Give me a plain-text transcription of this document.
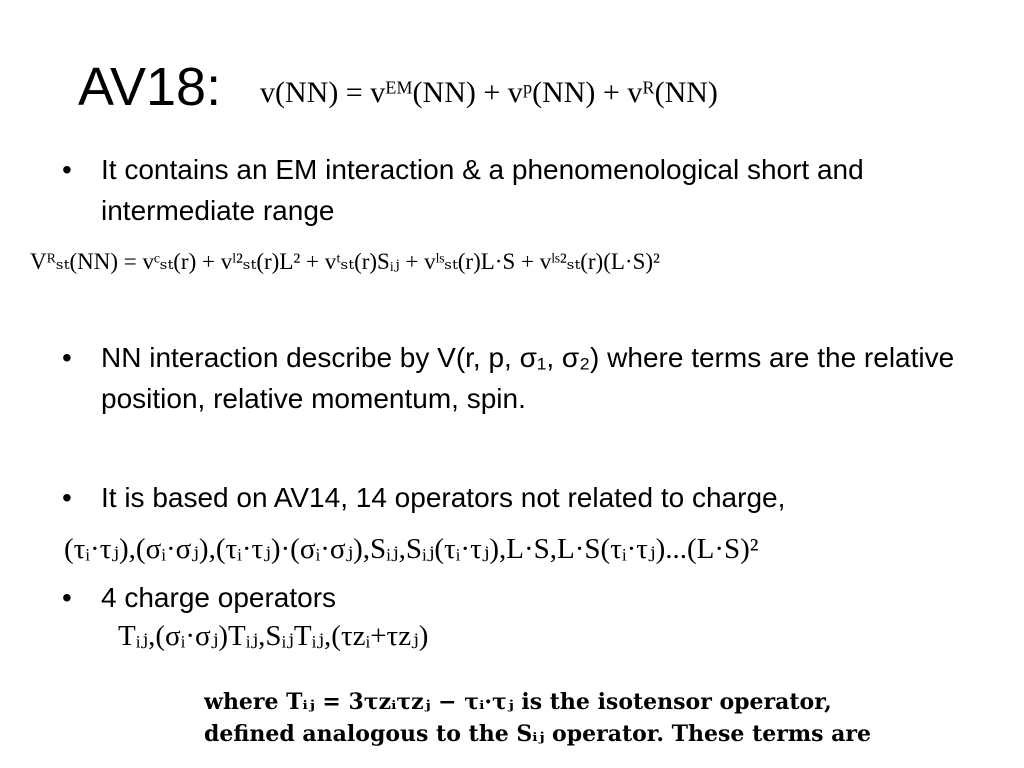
AV18: v(NN) = vᴱᴹ(NN) + vᵖ(NN) + vᴿ(NN)
• It contains an EM interaction & a phenomenological short and intermediate range
Vᴿₛₜ(NN) = vᶜₛₜ(r) + vˡ²ₛₜ(r)L² + vᵗₛₜ(r)Sᵢⱼ + vˡˢₛₜ(r)L·S + vˡˢ²ₛₜ(r)(L·S)²
• NN interaction describe by V(r, p, σ₁, σ₂) where terms are the relative position, relative momentum, spin.
• It is based on AV14, 14 operators not related to charge,
(τᵢ·τⱼ),(σᵢ·σⱼ),(τᵢ·τⱼ)·(σᵢ·σⱼ),Sᵢⱼ,Sᵢⱼ(τᵢ·τⱼ),L·S,L·S(τᵢ·τⱼ)...(L·S)²
• 4 charge operators
Tᵢⱼ,(σᵢ·σⱼ)Tᵢⱼ,SᵢⱼTᵢⱼ,(τzᵢ+τzⱼ)
where Tᵢⱼ = 3τzᵢτzⱼ − τᵢ·τⱼ is the isotensor operator,
defined analogous to the Sᵢⱼ operator. These terms are
